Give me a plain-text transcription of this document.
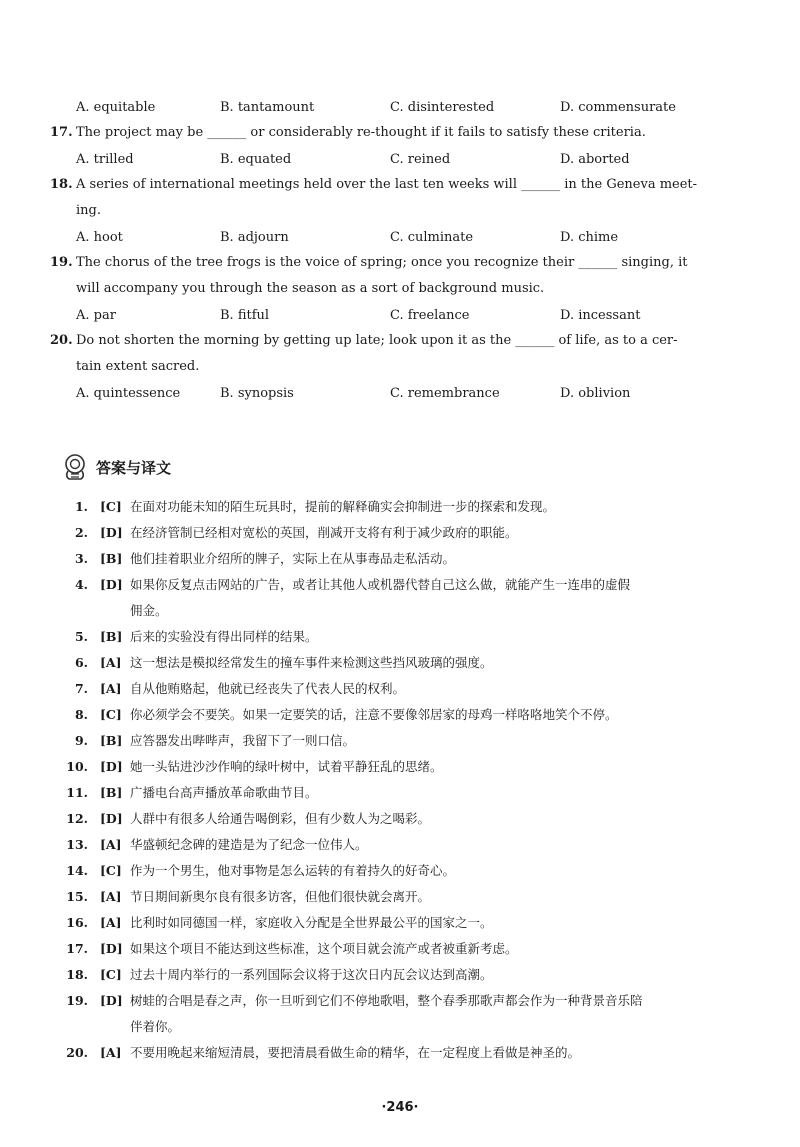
A. equitable	B. tantamount	C. disinterested	D. commensurate
17. The project may be ______ or considerably re-thought if it fails to satisfy these criteria.
A. trilled	B. equated	C. reined	D. aborted
18. A series of international meetings held over the last ten weeks will ______ in the Geneva meet-
ing.
A. hoot	B. adjourn	C. culminate	D. chime
19. The chorus of the tree frogs is the voice of spring; once you recognize their ______ singing, it
will accompany you through the season as a sort of background music.
A. par	B. fitful	C. freelance	D. incessant
20. Do not shorten the morning by getting up late; look upon it as the ______ of life, as to a cer-
tain extent sacred.
A. quintessence	B. synopsis	C. remembrance	D. oblivion
答案与译文
1. [C] 在面对功能未知的陌生玩具时，提前的解释确实会抑制进一步的探索和发现。
2. [D] 在经济管制已经相对宽松的英国，削减开支将有利于减少政府的职能。
3. [B] 他们挂着职业介绍所的牌子，实际上在从事毒品走私活动。
4. [D] 如果你反复点击网站的广告，或者让其他人或机器代替自己这么做，就能产生一连串的虚假
佣金。
5. [B] 后来的实验没有得出同样的结果。
6. [A] 这一想法是模拟经常发生的撞车事件来检测这些挡风玻璃的强度。
7. [A] 自从他贿赂起，他就已经丧失了代表人民的权利。
8. [C] 你必须学会不要笑。如果一定要笑的话，注意不要像邻居家的母鸡一样咯咯地笑个不停。
9. [B] 应答器发出哔哔声，我留下了一则口信。
10. [D] 她一头钻进沙沙作响的绿叶树中，试着平静狂乱的思绪。
11. [B] 广播电台高声播放革命歌曲节目。
12. [D] 人群中有很多人给通告喝倒彩，但有少数人为之喝彩。
13. [A] 华盛顿纪念碑的建造是为了纪念一位伟人。
14. [C] 作为一个男生，他对事物是怎么运转的有着持久的好奇心。
15. [A] 节日期间新奥尔良有很多访客，但他们很快就会离开。
16. [A] 比利时如同德国一样，家庭收入分配是全世界最公平的国家之一。
17. [D] 如果这个项目不能达到这些标准，这个项目就会流产或者被重新考虑。
18. [C] 过去十周内举行的一系列国际会议将于这次日内瓦会议达到高潮。
19. [D] 树蛙的合唱是春之声，你一旦听到它们不停地歌唱，整个春季那歌声都会作为一种背景音乐陪
伴着你。
20. [A] 不要用晚起来缩短清晨，要把清晨看做生命的精华，在一定程度上看做是神圣的。
·246·
